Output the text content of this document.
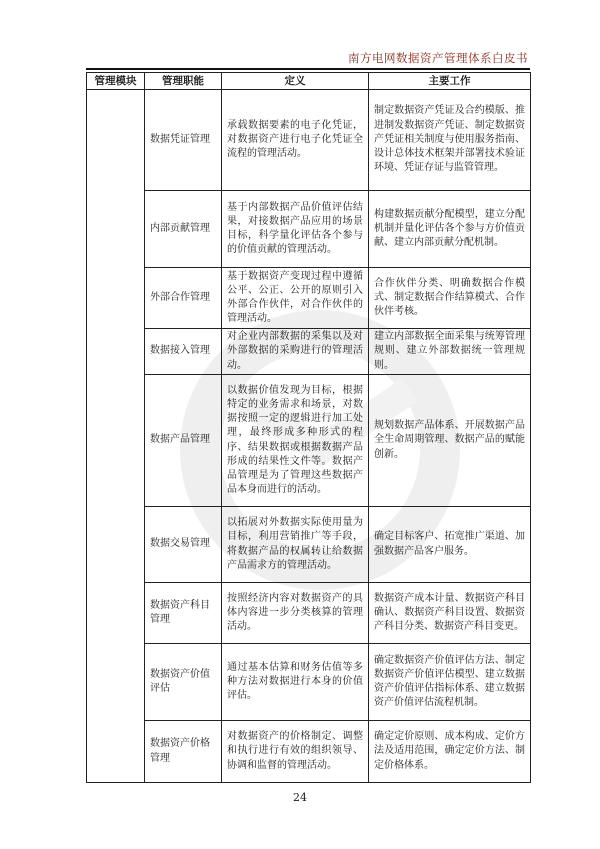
南方电网数据资产管理体系白皮书
管理模块	管理职能	定义	主要工作
	数据凭证管理	承载数据要素的电子化凭证，对数据资产进行电子化凭证全流程的管理活动。	制定数据资产凭证及合约模版、推进制发数据资产凭证、制定数据资产凭证相关制度与使用服务指南、设计总体技术框架并部署技术验证环境、凭证存证与监管管理。
	内部贡献管理	基于内部数据产品价值评估结果，对接数据产品应用的场景目标，科学量化评估各个参与的价值贡献的管理活动。	构建数据贡献分配模型，建立分配机制并量化评估各个参与方价值贡献、建立内部贡献分配机制。
	外部合作管理	基于数据资产变现过程中遵循公平、公正、公开的原则引入外部合作伙伴，对合作伙伴的管理活动。	合作伙伴分类、明确数据合作模式、制定数据合作结算模式、合作伙伴考核。
	数据接入管理	对企业内部数据的采集以及对外部数据的采购进行的管理活动。	建立内部数据全面采集与统筹管理规则、建立外部数据统一管理规则。
	数据产品管理	以数据价值发现为目标，根据特定的业务需求和场景，对数据按照一定的逻辑进行加工处理，最终形成多种形式的程序、结果数据或根据数据产品形成的结果性文件等。数据产品管理是为了管理这些数据产品本身而进行的活动。	规划数据产品体系、开展数据产品全生命周期管理、数据产品的赋能创新。
	数据交易管理	以拓展对外数据实际使用量为目标，利用营销推广等手段，将数据产品的权属转让给数据产品需求方的管理活动。	确定目标客户、拓宽推广渠道、加强数据产品客户服务。
	数据资产科目管理	按照经济内容对数据资产的具体内容进一步分类核算的管理活动。	数据资产成本计量、数据资产科目确认、数据资产科目设置、数据资产科目分类、数据资产科目变更。
	数据资产价值评估	通过基本估算和财务估值等多种方法对数据进行本身的价值评估。	确定数据资产价值评估方法、制定数据资产价值评估模型、建立数据资产价值评估指标体系、建立数据资产价值评估流程机制。
	数据资产价格管理	对数据资产的价格制定、调整和执行进行有效的组织领导、协调和监督的管理活动。	确定定价原则、成本构成、定价方法及适用范围，确定定价方法、制定价格体系。
24
